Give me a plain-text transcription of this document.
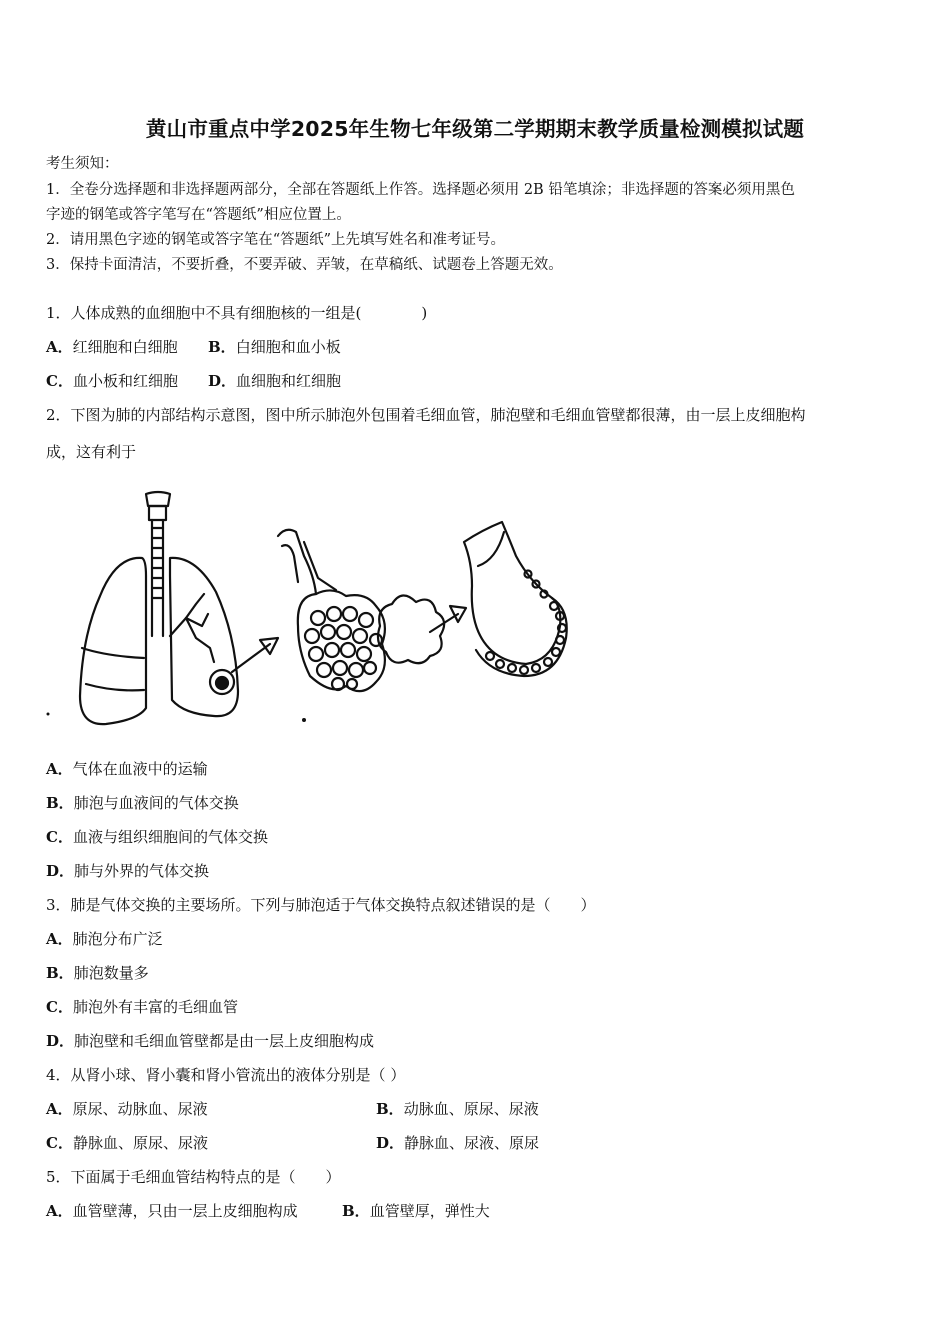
黄山市重点中学2025年生物七年级第二学期期末教学质量检测模拟试题
考生须知：
1．全卷分选择题和非选择题两部分，全部在答题纸上作答。选择题必须用 2B 铅笔填涂；非选择题的答案必须用黑色
字迹的钢笔或答字笔写在“答题纸”相应位置上。
2．请用黑色字迹的钢笔或答字笔在“答题纸”上先填写姓名和准考证号。
3．保持卡面清洁，不要折叠，不要弄破、弄皱，在草稿纸、试题卷上答题无效。
1．人体成熟的血细胞中不具有细胞核的一组是(　　　　)
A．红细胞和白细胞 B．白细胞和血小板
C．血小板和红细胞 D．血细胞和红细胞
2．下图为肺的内部结构示意图，图中所示肺泡外包围着毛细血管，肺泡壁和毛细血管壁都很薄，由一层上皮细胞构
成，这有利于
A．气体在血液中的运输
B．肺泡与血液间的气体交换
C．血液与组织细胞间的气体交换
D．肺与外界的气体交换
3．肺是气体交换的主要场所。下列与肺泡适于气体交换特点叙述错误的是（　　）
A．肺泡分布广泛
B．肺泡数量多
C．肺泡外有丰富的毛细血管
D．肺泡壁和毛细血管壁都是由一层上皮细胞构成
4．从肾小球、肾小囊和肾小管流出的液体分别是（ ）
A．原尿、动脉血、尿液	B．动脉血、原尿、尿液
C．静脉血、原尿、尿液	D．静脉血、尿液、原尿
5．下面属于毛细血管结构特点的是（　　）
A．血管壁薄，只由一层上皮细胞构成	B．血管壁厚，弹性大
